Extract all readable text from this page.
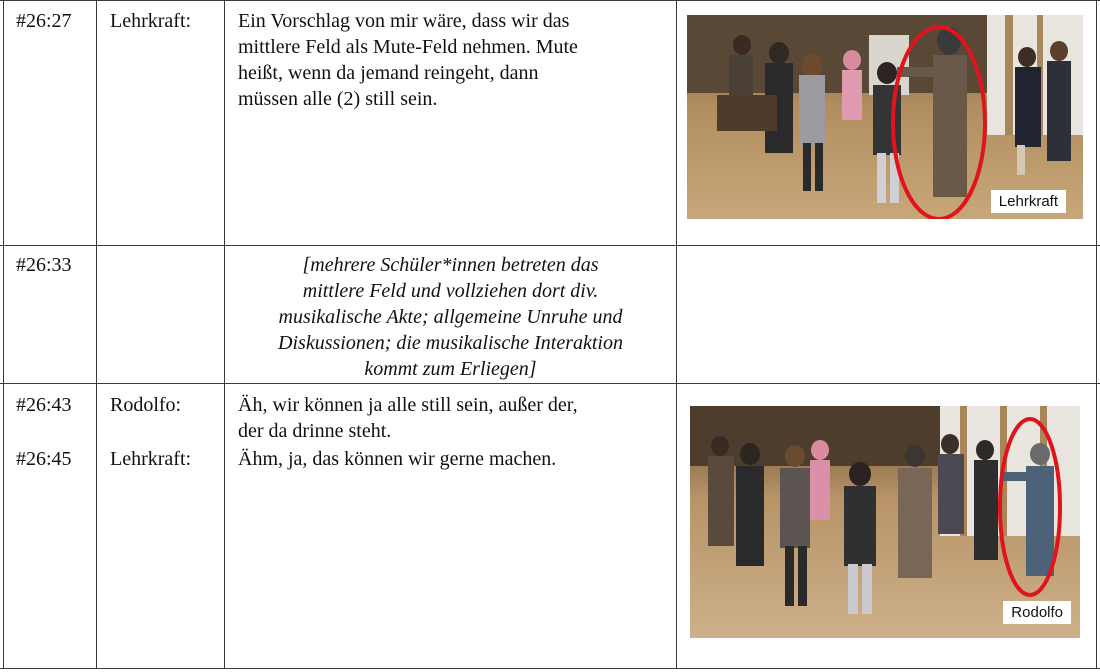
#26:27 Lehrkraft: Ein Vorschlag von mir wäre, dass wir das
mittlere Feld als Mute-Feld nehmen. Mute
heißt, wenn da jemand reingeht, dann
müssen alle (2) still sein.
Lehrkraft
#26:33	[mehrere Schüler*innen betreten das
mittlere Feld und vollziehen dort div.
musikalische Akte; allgemeine Unruhe und
Diskussionen; die musikalische Interaktion
kommt zum Erliegen]
#26:43
#26:45
Rodolfo:
Lehrkraft:
Äh, wir können ja alle still sein, außer der,
der da drinne steht.
Ähm, ja, das können wir gerne machen.
Rodolfo
